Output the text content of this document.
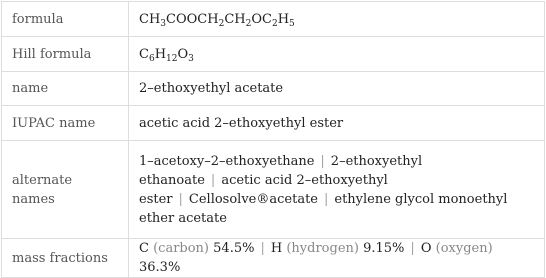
formula	$CH_3COOCH_2CH_2OC_2H_5$
Hill formula	$C_6H_{12}O_3$
name	2–ethoxyethyl acetate
IUPAC name	acetic acid 2–ethoxyethyl ester
alternate names	1–acetoxy–2–ethoxyethane | 2–ethoxyethyl ethanoate | acetic acid 2–ethoxyethyl ester | Cellosolve®acetate | ethylene glycol monoethyl ether acetate
mass fractions	C (carbon) 54.5% | H (hydrogen) 9.15% | O (oxygen) 36.3%
